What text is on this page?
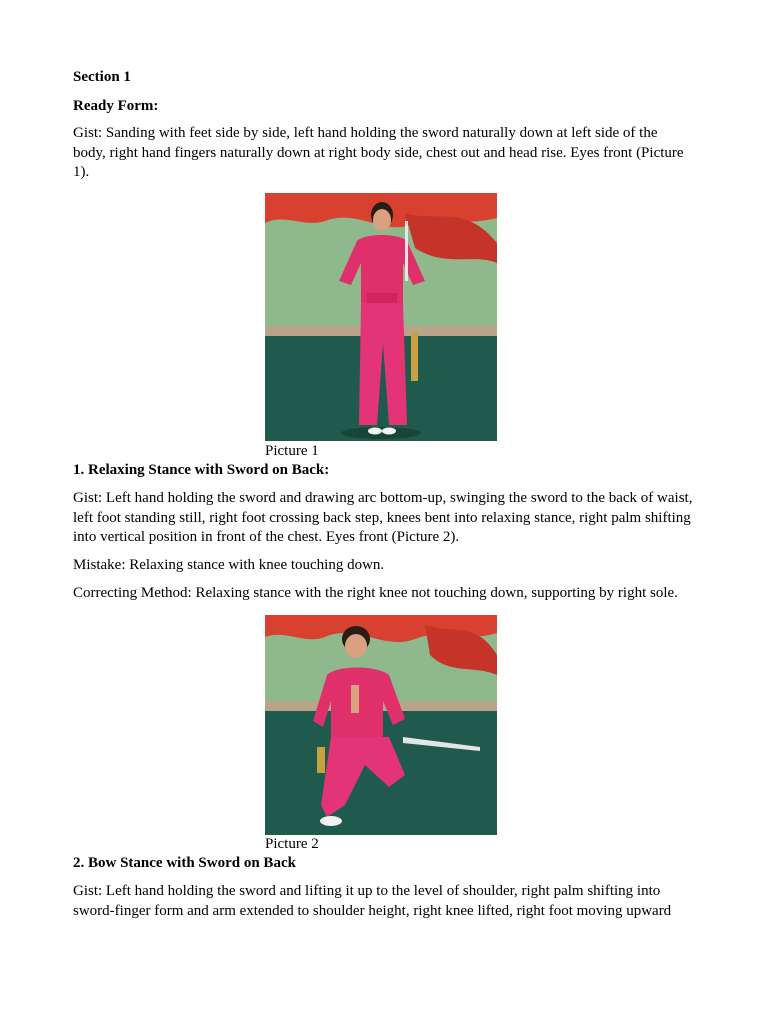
Section 1

Ready Form:

Gist: Sanding with feet side by side, left hand holding the sword naturally down at left side of the body, right hand fingers naturally down at right body side, chest out and head rise. Eyes front (Picture 1).

Picture 1

1. Relaxing Stance with Sword on Back:

Gist: Left hand holding the sword and drawing arc bottom-up, swinging the sword to the back of waist, left foot standing still, right foot crossing back step, knees bent into relaxing stance, right palm shifting into vertical position in front of the chest. Eyes front (Picture 2).

Mistake: Relaxing stance with knee touching down.

Correcting Method: Relaxing stance with the right knee not touching down, supporting by right sole.

Picture 2

2. Bow Stance with Sword on Back

Gist: Left hand holding the sword and lifting it up to the level of shoulder, right palm shifting into sword-finger form and arm extended to shoulder height, right knee lifted, right foot moving upward
